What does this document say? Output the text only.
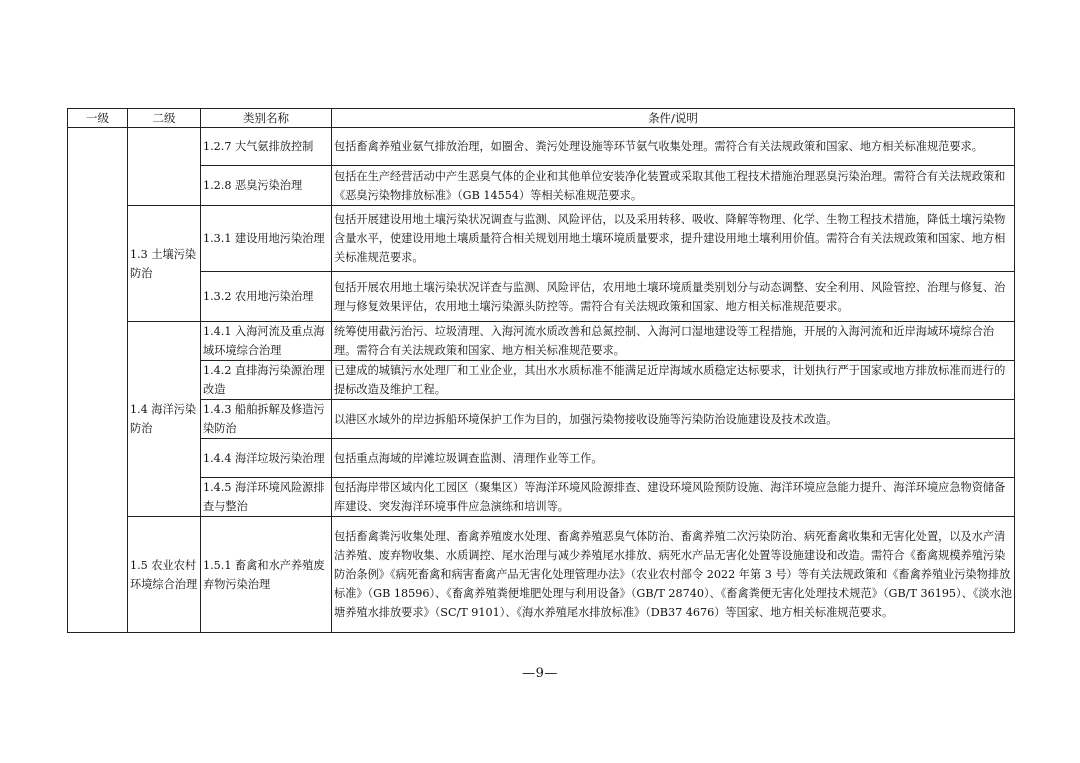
一级	二级	类别名称	条件/说明
		1.2.7 大气氨排放控制	包括畜禽养殖业氨气排放治理，如圈舍、粪污处理设施等环节氨气收集处理。需符合有关法规政策和国家、地方相关标准规范要求。
		1.2.8 恶臭污染治理	包括在生产经营活动中产生恶臭气体的企业和其他单位安装净化装置或采取其他工程技术措施治理恶臭污染治理。需符合有关法规政策和《恶臭污染物排放标准》（GB 14554）等相关标准规范要求。
	1.3 土壤污染防治	1.3.1 建设用地污染治理	包括开展建设用地土壤污染状况调查与监测、风险评估，以及采用转移、吸收、降解等物理、化学、生物工程技术措施，降低土壤污染物含量水平，使建设用地土壤质量符合相关规划用地土壤环境质量要求，提升建设用地土壤利用价值。需符合有关法规政策和国家、地方相关标准规范要求。
		1.3.2 农用地污染治理	包括开展农用地土壤污染状况详查与监测、风险评估，农用地土壤环境质量类别划分与动态调整、安全利用、风险管控、治理与修复、治理与修复效果评估，农用地土壤污染源头防控等。需符合有关法规政策和国家、地方相关标准规范要求。
	1.4 海洋污染防治	1.4.1 入海河流及重点海域环境综合治理	统筹使用截污治污、垃圾清理、入海河流水质改善和总氮控制、入海河口湿地建设等工程措施，开展的入海河流和近岸海域环境综合治理。需符合有关法规政策和国家、地方相关标准规范要求。
		1.4.2 直排海污染源治理改造	已建成的城镇污水处理厂和工业企业，其出水水质标准不能满足近岸海域水质稳定达标要求，计划执行严于国家或地方排放标准而进行的提标改造及维护工程。
		1.4.3 船舶拆解及修造污染防治	以港区水域外的岸边拆船环境保护工作为目的，加强污染物接收设施等污染防治设施建设及技术改造。
		1.4.4 海洋垃圾污染治理	包括重点海域的岸滩垃圾调查监测、清理作业等工作。
		1.4.5 海洋环境风险源排查与整治	包括海岸带区域内化工园区（聚集区）等海洋环境风险源排查、建设环境风险预防设施、海洋环境应急能力提升、海洋环境应急物资储备库建设、突发海洋环境事件应急演练和培训等。
	1.5 农业农村环境综合治理	1.5.1 畜禽和水产养殖废弃物污染治理	包括畜禽粪污收集处理、畜禽养殖废水处理、畜禽养殖恶臭气体防治、畜禽养殖二次污染防治、病死畜禽收集和无害化处置，以及水产清洁养殖、废弃物收集、水质调控、尾水治理与减少养殖尾水排放、病死水产品无害化处置等设施建设和改造。需符合《畜禽规模养殖污染防治条例》《病死畜禽和病害畜禽产品无害化处理管理办法》（农业农村部令 2022 年第 3 号）等有关法规政策和《畜禽养殖业污染物排放标准》（GB 18596）、《畜禽养殖粪便堆肥处理与利用设备》（GB/T 28740）、《畜禽粪便无害化处理技术规范》（GB/T 36195）、《淡水池塘养殖水排放要求》（SC/T 9101）、《海水养殖尾水排放标准》（DB37 4676）等国家、地方相关标准规范要求。
—9—
